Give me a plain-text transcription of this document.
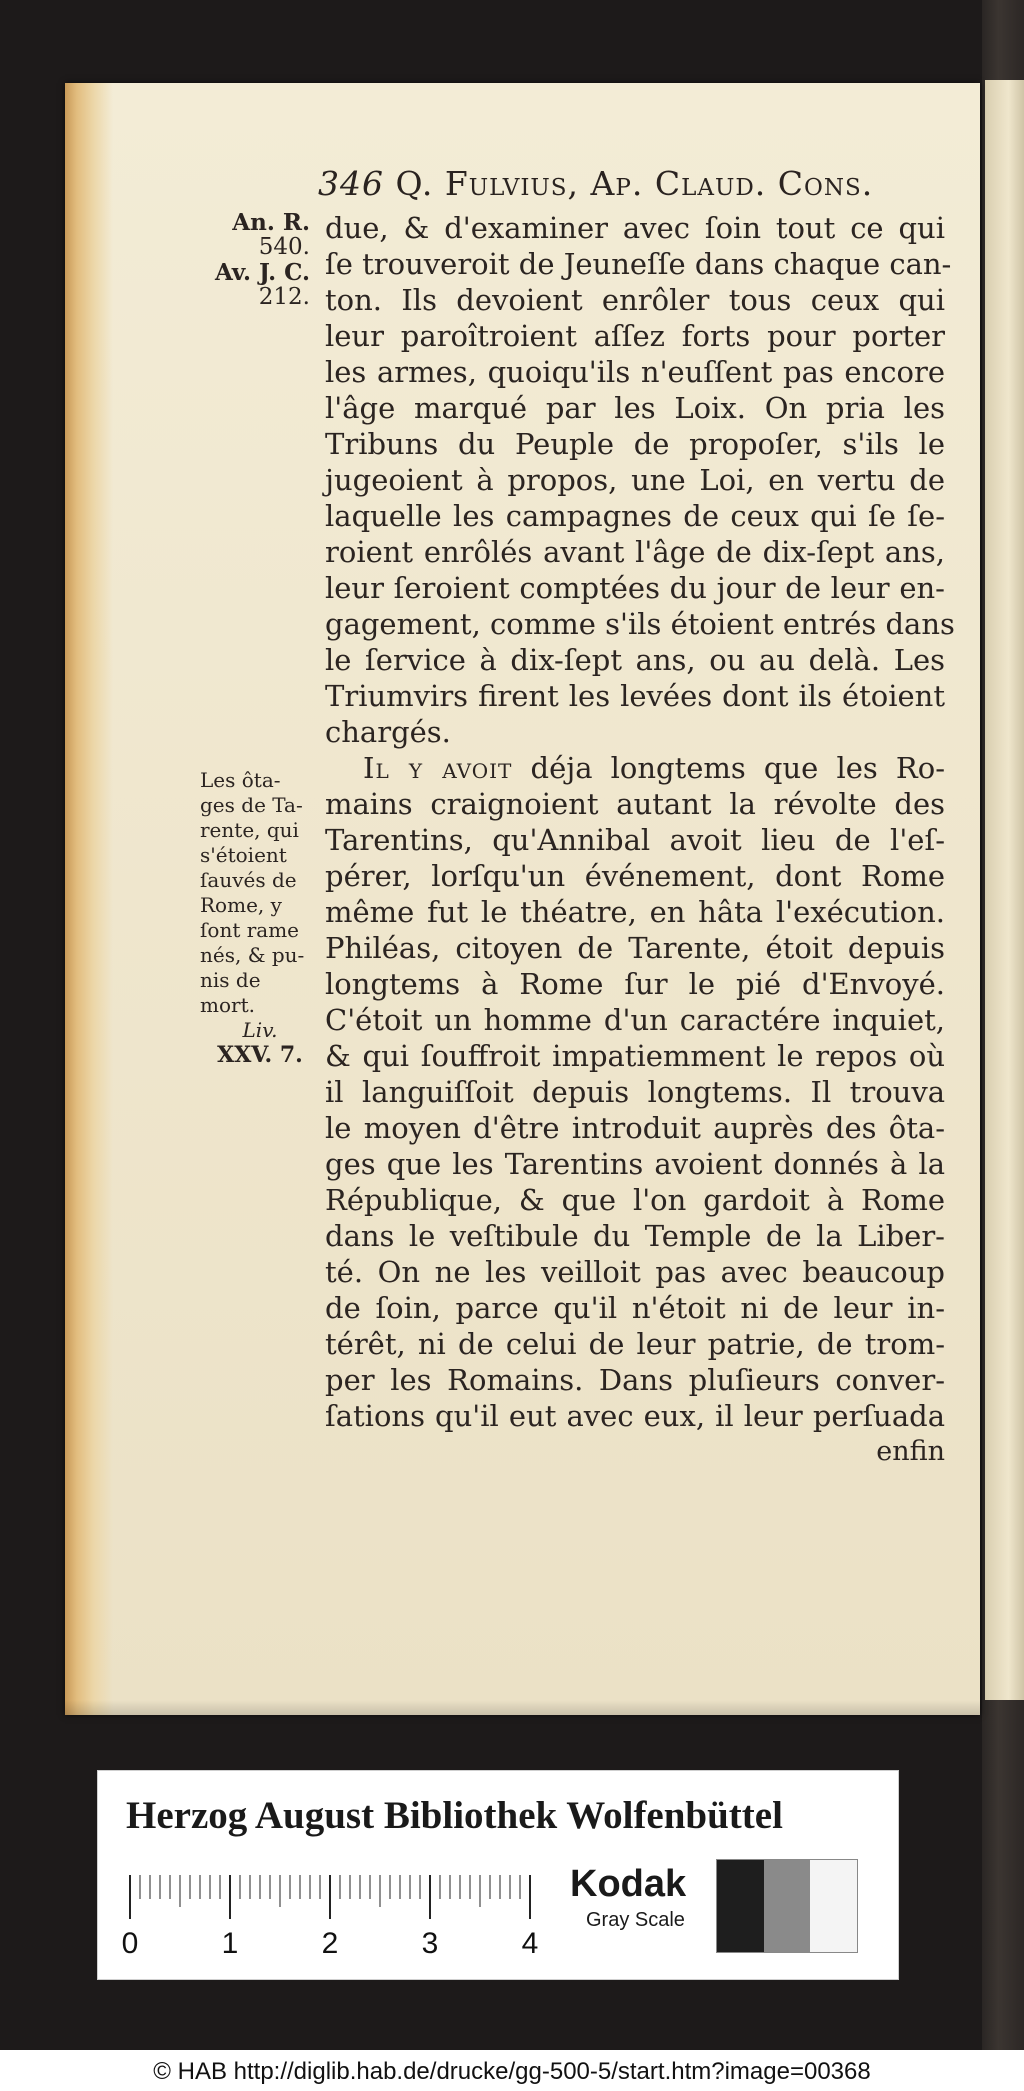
346 Q. Fulvius, Ap. Claud. Cons.
An. R.
540.
Av. J. C.
212.
due, & d'examiner avec ſoin tout ce qui
ſe trouveroit de Jeuneſſe dans chaque can-
ton. Ils devoient enrôler tous ceux qui
leur paroîtroient aſſez forts pour porter
les armes, quoiqu'ils n'euſſent pas encore
l'âge marqué par les Loix. On pria les
Tribuns du Peuple de propoſer, s'ils le
jugeoient à propos, une Loi, en vertu de
laquelle les campagnes de ceux qui ſe ſe-
roient enrôlés avant l'âge de dix-ſept ans,
leur ſeroient comptées du jour de leur en-
gagement, comme s'ils étoient entrés dans
le ſervice à dix-ſept ans, ou au delà. Les
Triumvirs firent les levées dont ils étoient
chargés.
Il y avoit déja longtems que les Ro-
mains craignoient autant la révolte des
Tarentins, qu'Annibal avoit lieu de l'eſ-
pérer, lorſqu'un événement, dont Rome
même fut le théatre, en hâta l'exécution.
Philéas, citoyen de Tarente, étoit depuis
longtems à Rome ſur le pié d'Envoyé.
C'étoit un homme d'un caractére inquiet,
& qui ſouffroit impatiemment le repos où
il languiſſoit depuis longtems. Il trouva
le moyen d'être introduit auprès des ôta-
ges que les Tarentins avoient donnés à la
République, & que l'on gardoit à Rome
dans le veſtibule du Temple de la Liber-
té. On ne les veilloit pas avec beaucoup
de ſoin, parce qu'il n'étoit ni de leur in-
térêt, ni de celui de leur patrie, de trom-
per les Romains. Dans pluſieurs conver-
ſations qu'il eut avec eux, il leur perſuada
enfin
Les ôta-
ges de Ta-
rente, qui
s'étoient
ſauvés de
Rome, y
ſont rame
nés, & pu-
nis de
mort.
Liv.
XXV. 7.
Herzog August Bibliothek Wolfenbüttel
0	1	2	3	4
Kodak
Gray Scale
© HAB http://diglib.hab.de/drucke/gg-500-5/start.htm?image=00368
